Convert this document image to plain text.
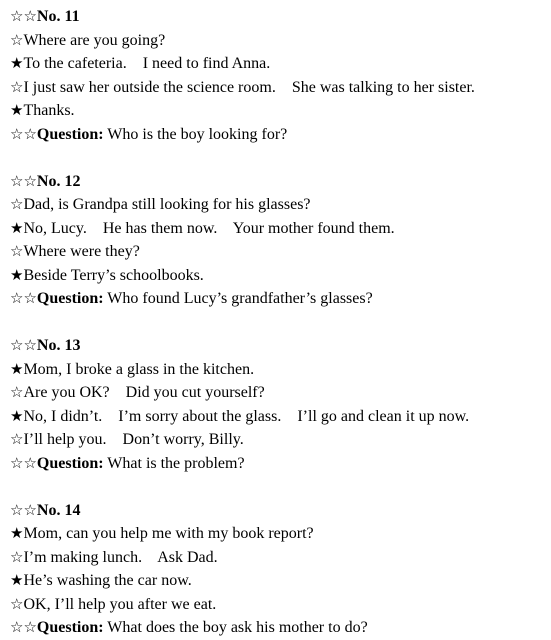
☆☆No. 11
☆Where are you going?
★To the cafeteria.    I need to find Anna.
☆I just saw her outside the science room.    She was talking to her sister.
★Thanks.
☆☆Question: Who is the boy looking for?
☆☆No. 12
☆Dad, is Grandpa still looking for his glasses?
★No, Lucy.    He has them now.    Your mother found them.
☆Where were they?
★Beside Terry’s schoolbooks.
☆☆Question: Who found Lucy’s grandfather’s glasses?
☆☆No. 13
★Mom, I broke a glass in the kitchen.
☆Are you OK?    Did you cut yourself?
★No, I didn’t.    I’m sorry about the glass.    I’ll go and clean it up now.
☆I’ll help you.    Don’t worry, Billy.
☆☆Question: What is the problem?
☆☆No. 14
★Mom, can you help me with my book report?
☆I’m making lunch.    Ask Dad.
★He’s washing the car now.
☆OK, I’ll help you after we eat.
☆☆Question: What does the boy ask his mother to do?
